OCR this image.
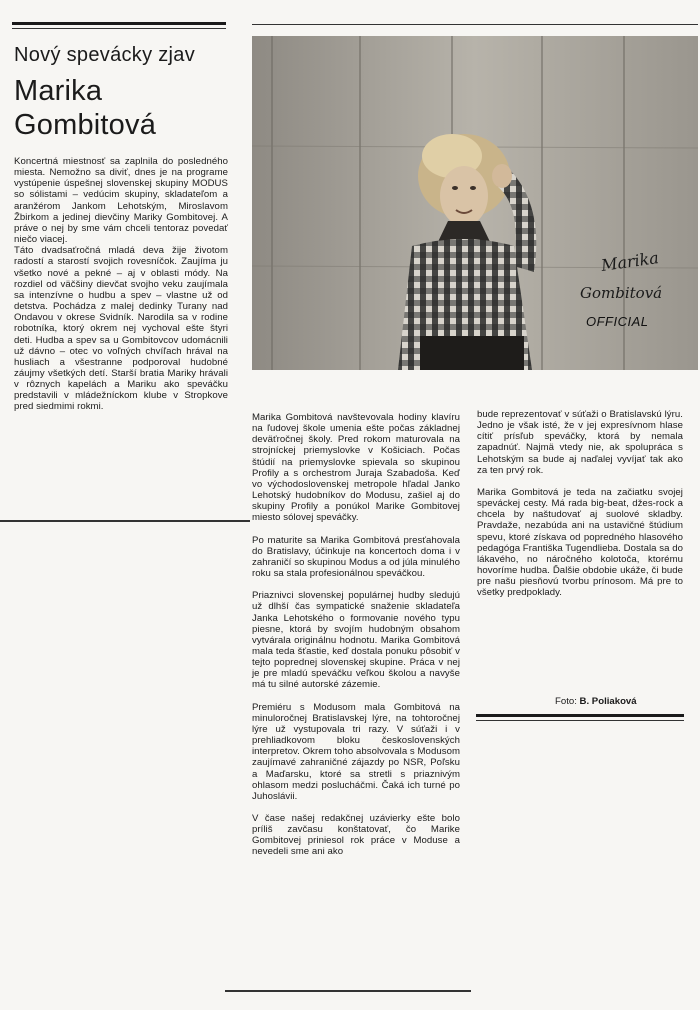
Nový spevácky zjav
Marika
Gombitová

Koncertná miestnosť sa zaplnila do posledného miesta. Nemožno sa diviť, dnes je na programe vystúpenie úspešnej slovenskej skupiny MODUS so sólistami – vedúcim skupiny, skladateľom a aranžérom Jankom Lehotským, Miroslavom Žbirkom a jedinej dievčiny Mariky Gombitovej. A práve o nej by sme vám chceli tentoraz povedať niečo viacej.

Táto dvadsaťročná mladá deva žije životom radostí a starostí svojich rovesníčok. Zaujíma ju všetko nové a pekné – aj v oblasti módy. Na rozdiel od väčšiny dievčat svojho veku zaujímala sa intenzívne o hudbu a spev – vlastne už od detstva. Pochádza z malej dedinky Turany nad Ondavou v okrese Svidník. Narodila sa v rodine robotníka, ktorý okrem nej vychoval ešte štyri deti. Hudba a spev sa u Gombitovcov udomácnili už dávno – otec vo voľných chvíľach hrával na husliach a všestranne podporoval hudobné záujmy všetkých detí. Starší bratia Mariky hrávali v rôznych kapelách a Mariku ako speváčku predstavili v mládežníckom klube v Stropkove pred siedmimi rokmi.

Marika
Gombitová
OFFICIAL

Marika Gombitová navštevovala hodiny klavíru na ľudovej škole umenia ešte počas základnej deväťročnej školy. Pred rokom maturovala na strojníckej priemyslovke v Košiciach. Počas štúdií na priemyslovke spievala so skupinou Profily a s orchestrom Juraja Szabadoša. Keď vo východoslovenskej metropole hľadal Janko Lehotský hudobníkov do Modusu, zašiel aj do skupiny Profily a ponúkol Marike Gombitovej miesto sólovej speváčky.

Po maturite sa Marika Gombitová presťahovala do Bratislavy, účinkuje na koncertoch doma i v zahraničí so skupinou Modus a od júla minulého roku sa stala profesionálnou speváčkou.

Priaznivci slovenskej populárnej hudby sledujú už dlhší čas sympatické snaženie skladateľa Janka Lehotského o formovanie nového typu piesne, ktorá by svojím hudobným obsahom vytvárala originálnu hodnotu. Marika Gombitová mala teda šťastie, keď dostala ponuku pôsobiť v tejto poprednej slovenskej skupine. Práca v nej je pre mladú speváčku veľkou školou a navyše má tu silné autorské zázemie.

Premiéru s Modusom mala Gombitová na minuloročnej Bratislavskej lýre, na tohtoročnej lýre už vystupovala tri razy. V súťaži i v prehliadkovom bloku československých interpretov. Okrem toho absolvovala s Modusom zaujímavé zahraničné zájazdy po NSR, Poľsku a Maďarsku, ktoré sa stretli s priaznivým ohlasom medzi poslucháčmi. Čaká ich turné po Juhoslávii.

V čase našej redakčnej uzávierky ešte bolo príliš zavčasu konštatovať, čo Marike Gombitovej priniesol rok práce v Moduse a nevedeli sme ani ako

bude reprezentovať v súťaži o Bratislavskú lýru. Jedno je však isté, že v jej expresívnom hlase cítiť prísľub speváčky, ktorá by nemala zapadnúť. Najmä vtedy nie, ak spolupráca s Lehotským sa bude aj naďalej vyvíjať tak ako za ten prvý rok.

Marika Gombitová je teda na začiatku svojej speváckej cesty. Má rada big-beat, džes-rock a chcela by naštudovať aj suolové skladby. Pravdaže, nezabúda ani na ustavičné štúdium spevu, ktoré získava od popredného hlasového pedagóga Františka Tugendlieba. Dostala sa do lákavého, no náročného kolotoča, ktorému hovoríme hudba. Ďalšie obdobie ukáže, či bude pre našu piesňovú tvorbu prínosom. Má pre to všetky predpoklady.

Foto: B. Poliaková
